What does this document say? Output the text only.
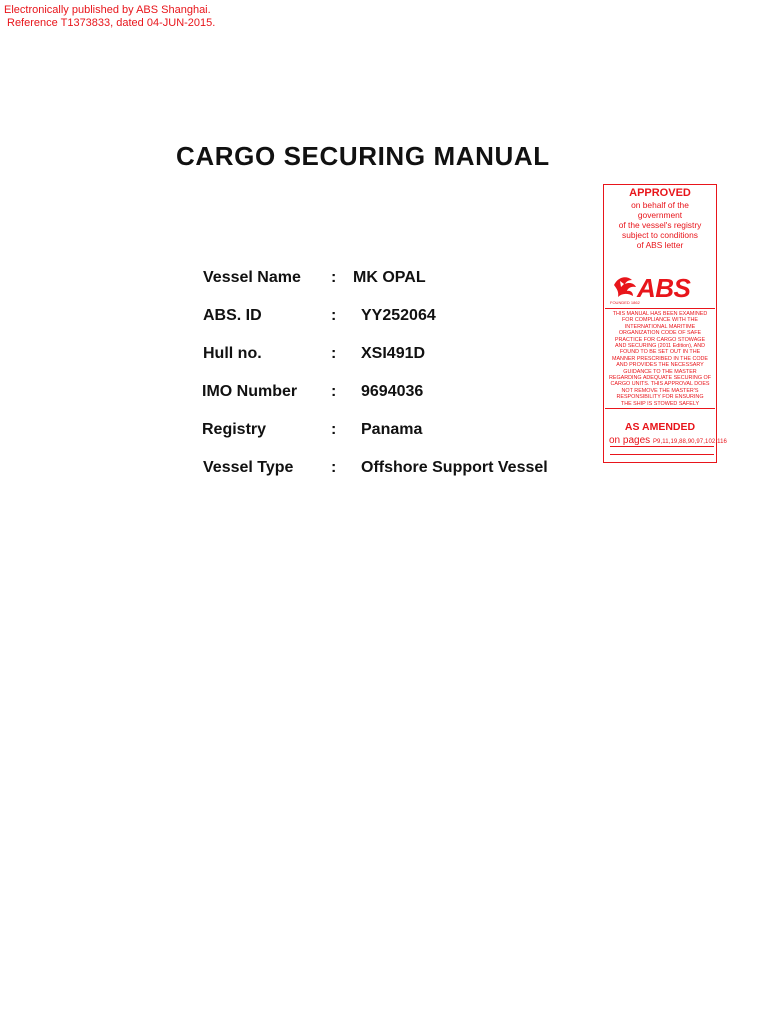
Electronically published by ABS Shanghai.
Reference T1373833, dated 04-JUN-2015.
CARGO SECURING MANUAL
Vessel Name : MK OPAL
ABS. ID	: YY252064
Hull no.	: XSI491D
IMO Number : 9694036
Registry	: Panama
Vessel Type : Offshore Support Vessel
APPROVED
on behalf of the
government
of the vessel's registry
subject to conditions
of ABS letter
ABS
FOUNDED 1862
THIS MANUAL HAS BEEN EXAMINED
FOR COMPLIANCE WITH THE
INTERNATIONAL MARITIME
ORGANIZATION CODE OF SAFE
PRACTICE FOR CARGO STOWAGE
AND SECURING (2011 Edition), AND
FOUND TO BE SET OUT IN THE
MANNER PRESCRIBED IN THE CODE
AND PROVIDES THE NECESSARY
GUIDANCE TO THE MASTER
REGARDING ADEQUATE SECURING OF
CARGO UNITS. THIS APPROVAL DOES
NOT REMOVE THE MASTER'S
RESPONSIBILITY FOR ENSURING
THE SHIP IS STOWED SAFELY
AS AMENDED
on pages P9,11,19,88,90,97,102,116
